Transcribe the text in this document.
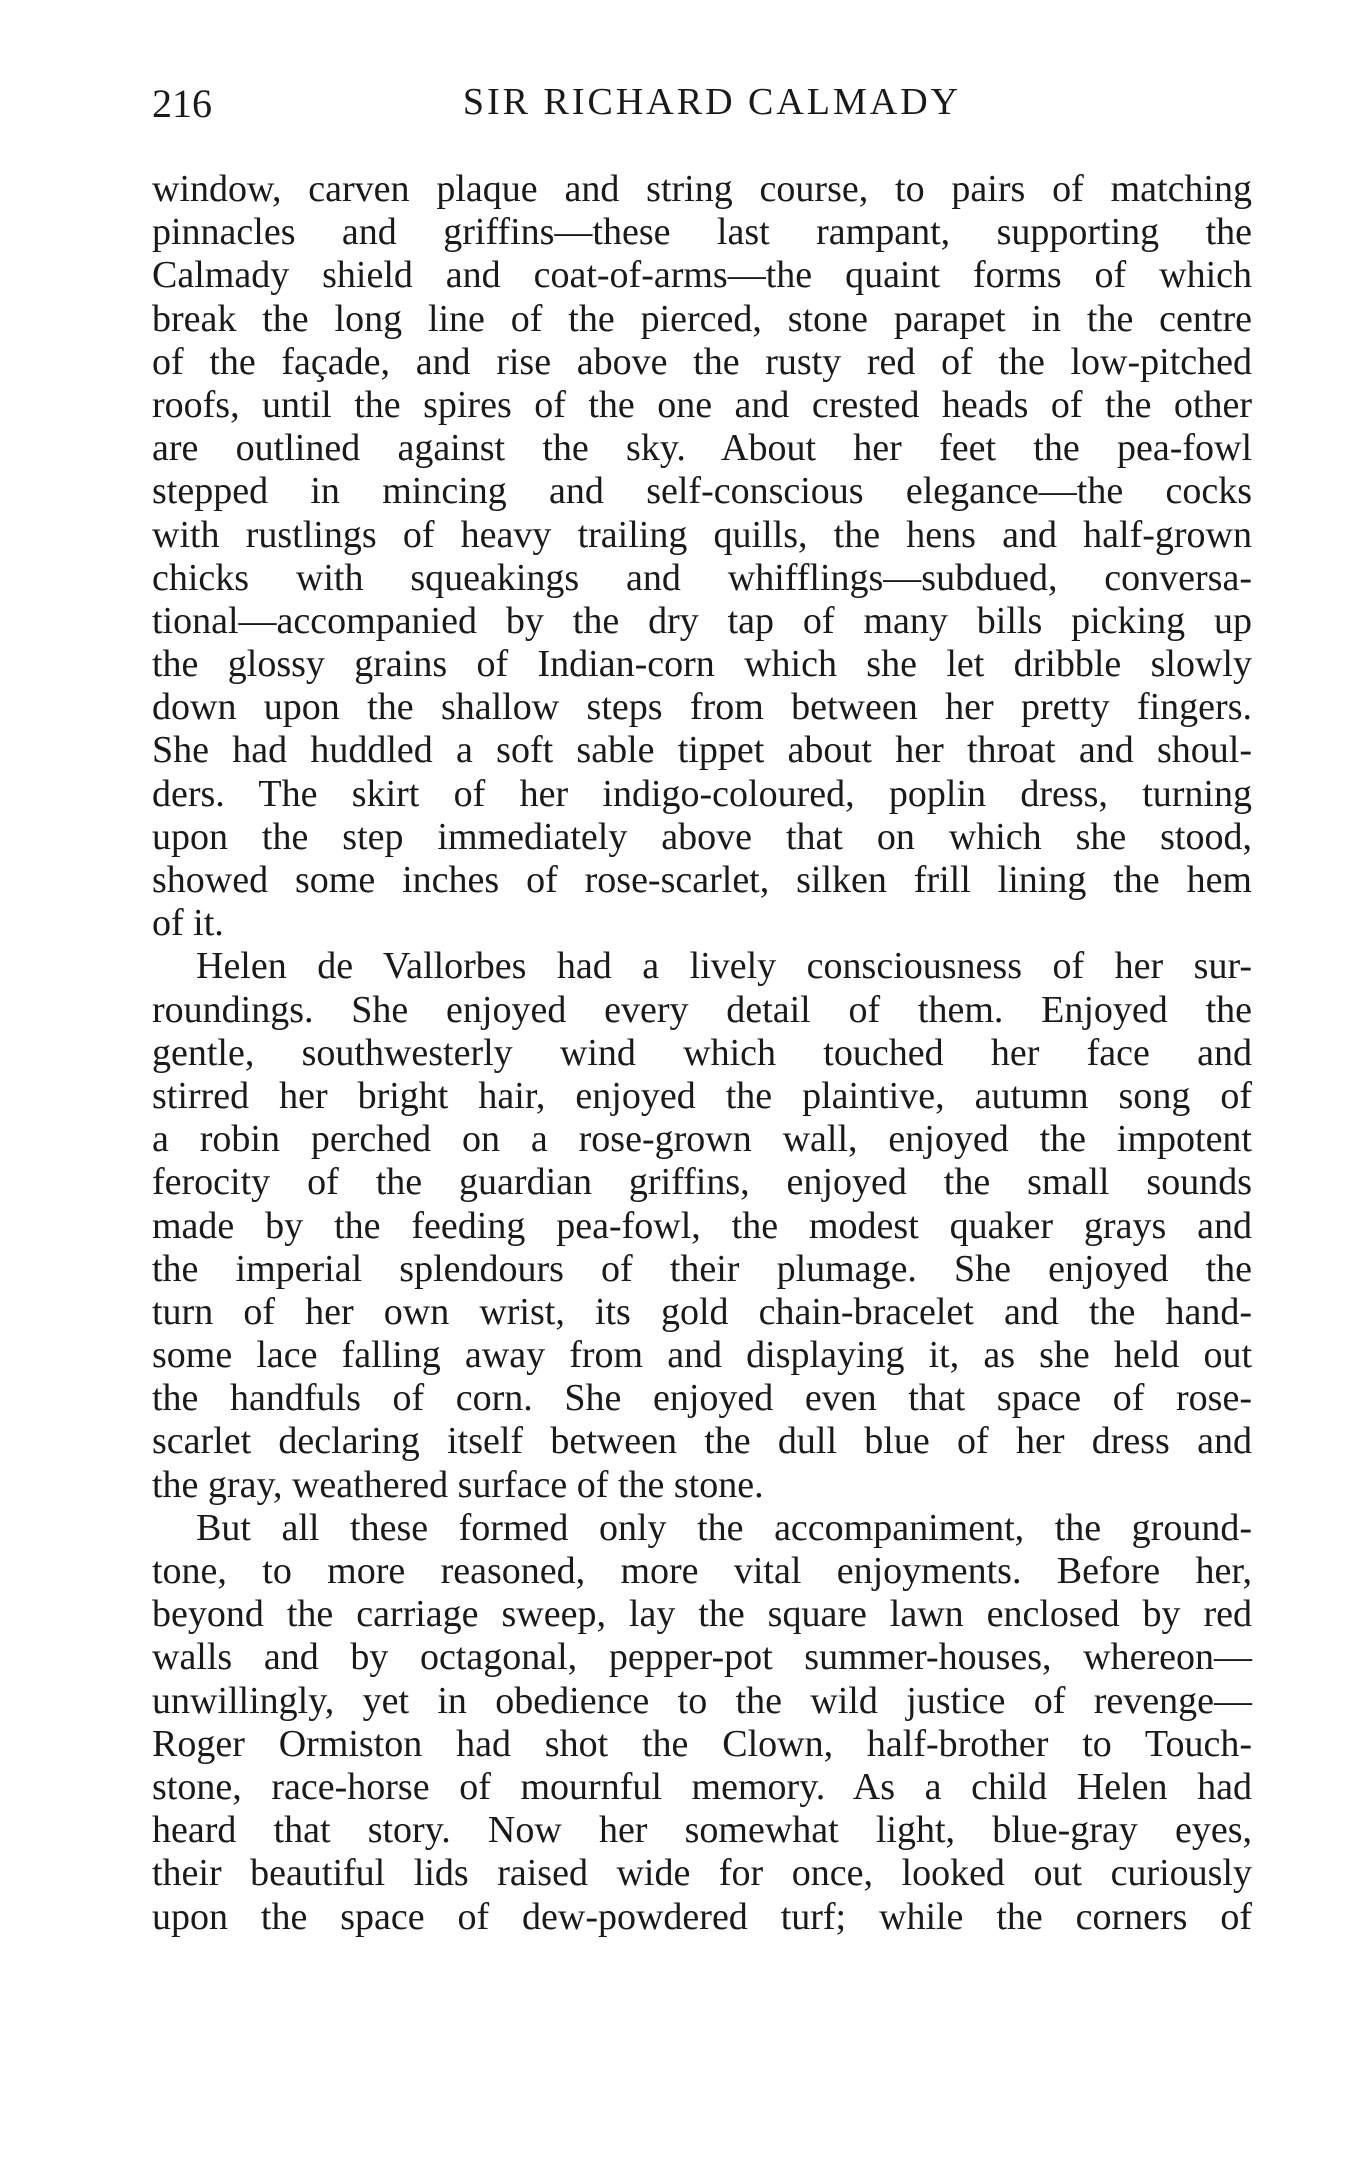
216	SIR RICHARD CALMADY
window, carven plaque and string course, to pairs of matching
pinnacles and griffins—these last rampant, supporting the
Calmady shield and coat-of-arms—the quaint forms of which
break the long line of the pierced, stone parapet in the centre
of the façade, and rise above the rusty red of the low-pitched
roofs, until the spires of the one and crested heads of the other
are outlined against the sky. About her feet the pea-fowl
stepped in mincing and self-conscious elegance—the cocks
with rustlings of heavy trailing quills, the hens and half-grown
chicks with squeakings and whifflings—subdued, conversa-
tional—accompanied by the dry tap of many bills picking up
the glossy grains of Indian-corn which she let dribble slowly
down upon the shallow steps from between her pretty fingers.
She had huddled a soft sable tippet about her throat and shoul-
ders. The skirt of her indigo-coloured, poplin dress, turning
upon the step immediately above that on which she stood,
showed some inches of rose-scarlet, silken frill lining the hem
of it.
Helen de Vallorbes had a lively consciousness of her sur-
roundings. She enjoyed every detail of them. Enjoyed the
gentle, southwesterly wind which touched her face and
stirred her bright hair, enjoyed the plaintive, autumn song of
a robin perched on a rose-grown wall, enjoyed the impotent
ferocity of the guardian griffins, enjoyed the small sounds
made by the feeding pea-fowl, the modest quaker grays and
the imperial splendours of their plumage. She enjoyed the
turn of her own wrist, its gold chain-bracelet and the hand-
some lace falling away from and displaying it, as she held out
the handfuls of corn. She enjoyed even that space of rose-
scarlet declaring itself between the dull blue of her dress and
the gray, weathered surface of the stone.
But all these formed only the accompaniment, the ground-
tone, to more reasoned, more vital enjoyments. Before her,
beyond the carriage sweep, lay the square lawn enclosed by red
walls and by octagonal, pepper-pot summer-houses, whereon—
unwillingly, yet in obedience to the wild justice of revenge—
Roger Ormiston had shot the Clown, half-brother to Touch-
stone, race-horse of mournful memory. As a child Helen had
heard that story. Now her somewhat light, blue-gray eyes,
their beautiful lids raised wide for once, looked out curiously
upon the space of dew-powdered turf; while the corners of
